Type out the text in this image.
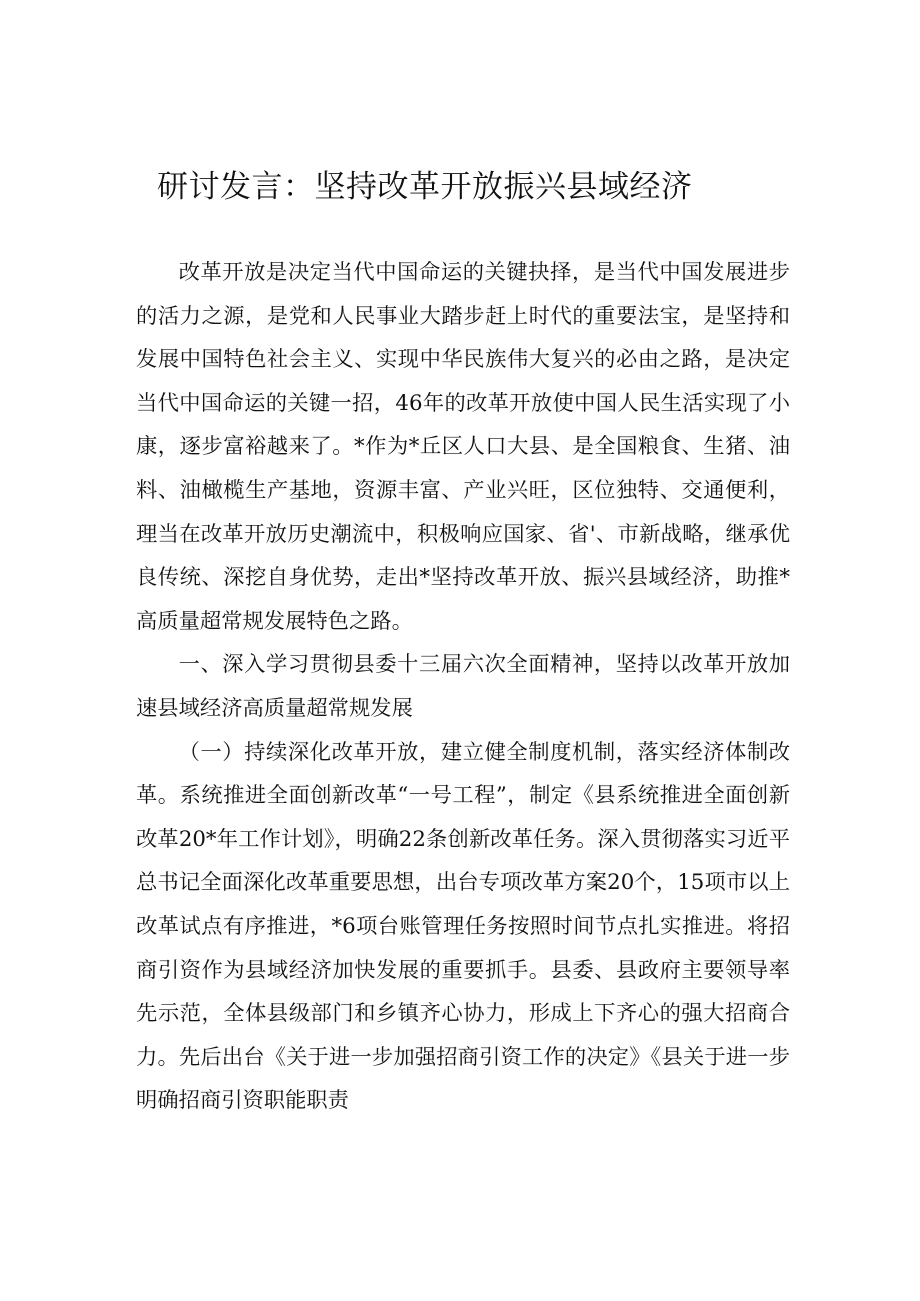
研讨发言：坚持改革开放振兴县域经济

改革开放是决定当代中国命运的关键抉择，是当代中国发展进步的活力之源，是党和人民事业大踏步赶上时代的重要法宝，是坚持和发展中国特色社会主义、实现中华民族伟大复兴的必由之路，是决定当代中国命运的关键一招，46年的改革开放使中国人民生活实现了小康，逐步富裕越来了。*作为*丘区人口大县、是全国粮食、生猪、油料、油橄榄生产基地，资源丰富、产业兴旺，区位独特、交通便利，理当在改革开放历史潮流中，积极响应国家、省'、市新战略，继承优良传统、深挖自身优势，走出*坚持改革开放、振兴县域经济，助推*高质量超常规发展特色之路。

一、深入学习贯彻县委十三届六次全面精神，坚持以改革开放加速县域经济高质量超常规发展

（一）持续深化改革开放，建立健全制度机制，落实经济体制改革。系统推进全面创新改革“一号工程”，制定《县系统推进全面创新改革20*年工作计划》，明确22条创新改革任务。深入贯彻落实习近平总书记全面深化改革重要思想，出台专项改革方案20个，15项市以上改革试点有序推进，*6项台账管理任务按照时间节点扎实推进。将招商引资作为县域经济加快发展的重要抓手。县委、县政府主要领导率先示范，全体县级部门和乡镇齐心协力，形成上下齐心的强大招商合力。先后出台《关于进一步加强招商引资工作的决定》《县关于进一步明确招商引资职能职责
